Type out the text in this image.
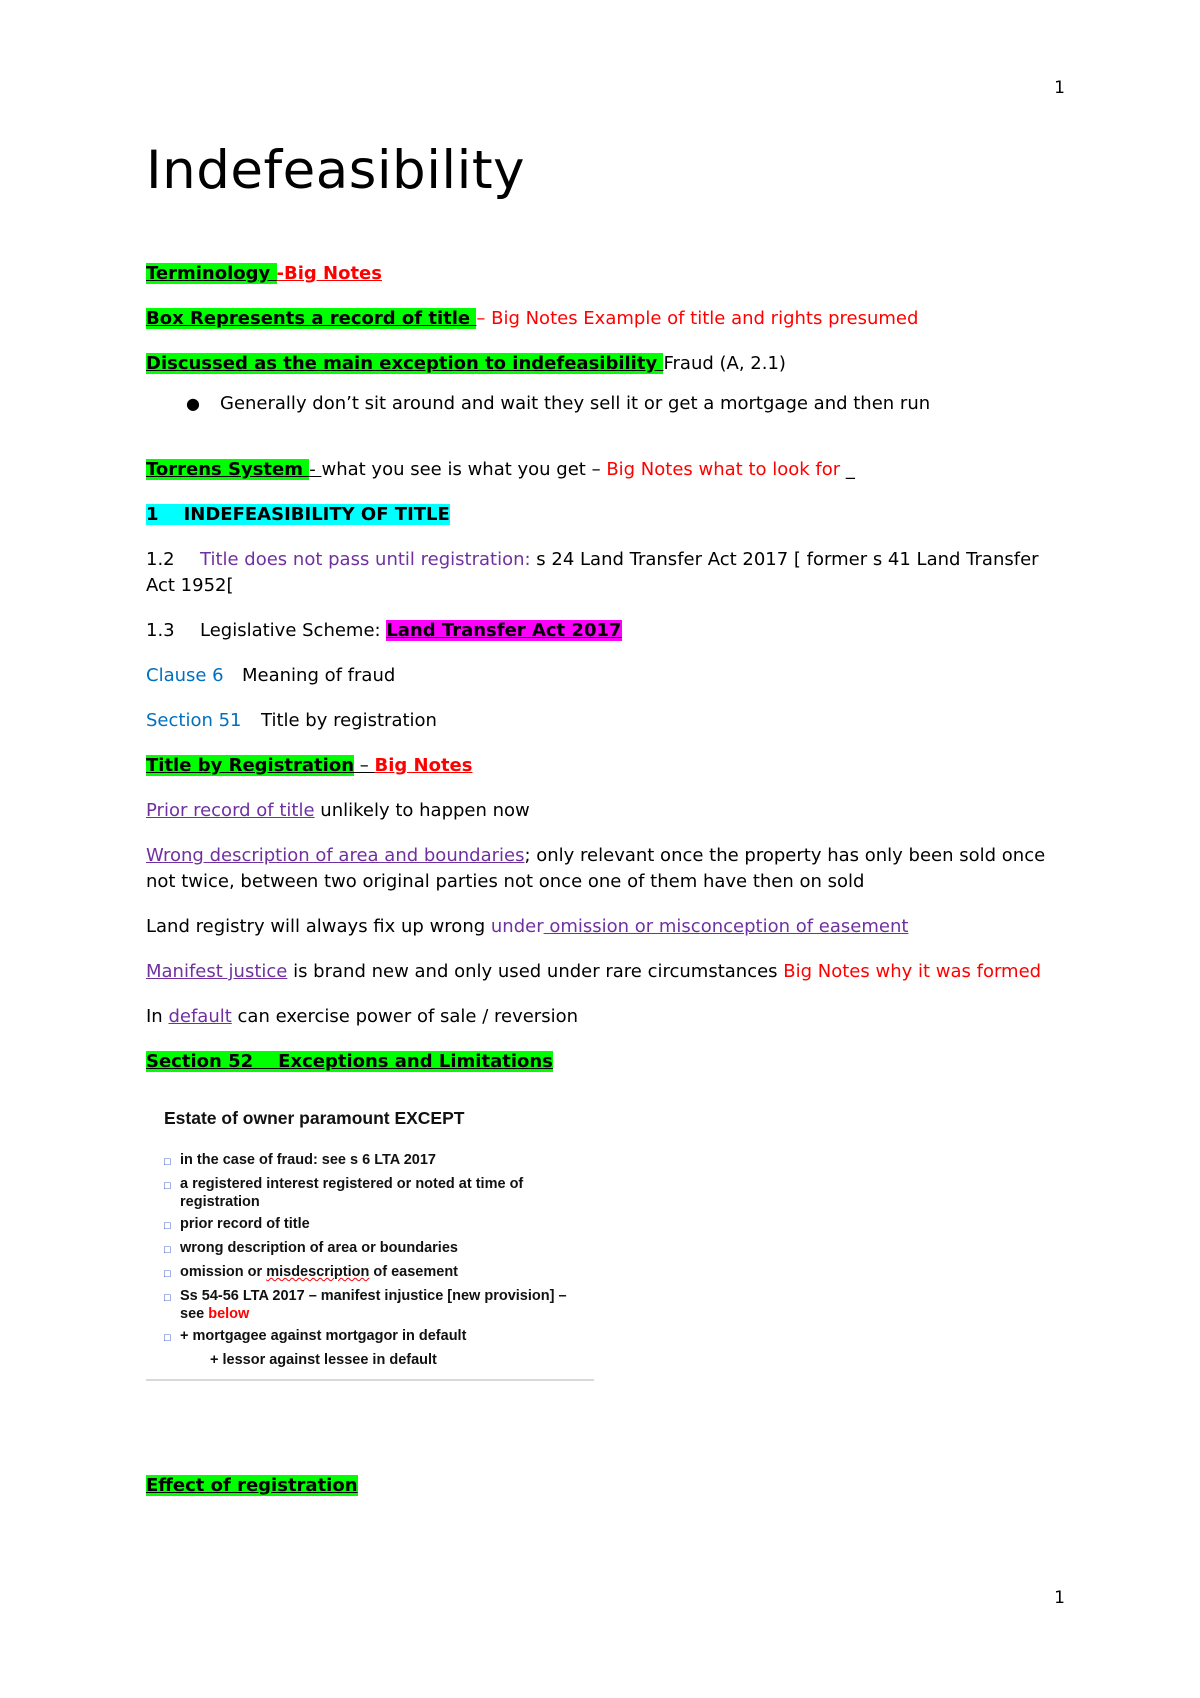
1
Indefeasibility

Terminology -Big Notes

Box Represents a record of title – Big Notes Example of title and rights presumed

Discussed as the main exception to indefeasibility Fraud (A, 2.1)

●	Generally don’t sit around and wait they sell it or get a mortgage and then run

Torrens System - what you see is what you get – Big Notes what to look for _

1    INDEFEASIBILITY OF TITLE

1.2 Title does not pass until registration: s 24 Land Transfer Act 2017 [ former s 41 Land Transfer Act 1952[

1.3 Legislative Scheme: Land Transfer Act 2017

Clause 6 Meaning of fraud

Section 51 Title by registration

Title by Registration – Big Notes

Prior record of title unlikely to happen now

Wrong description of area and boundaries; only relevant once the property has only been sold once not twice, between two original parties not once one of them have then on sold

Land registry will always fix up wrong under omission or misconception of easement

Manifest justice is brand new and only used under rare circumstances Big Notes why it was formed

In default can exercise power of sale / reversion

Section 52    Exceptions and Limitations

Estate of owner paramount EXCEPT
□ in the case of fraud: see s 6 LTA 2017
□ a registered interest registered or noted at time of registration
□ prior record of title
□ wrong description of area or boundaries
□ omission or misdescription of easement
□ Ss 54-56 LTA 2017 – manifest injustice [new provision] – see below
□ + mortgagee against mortgagor in default
+ lessor against lessee in default

Effect of registration

1
